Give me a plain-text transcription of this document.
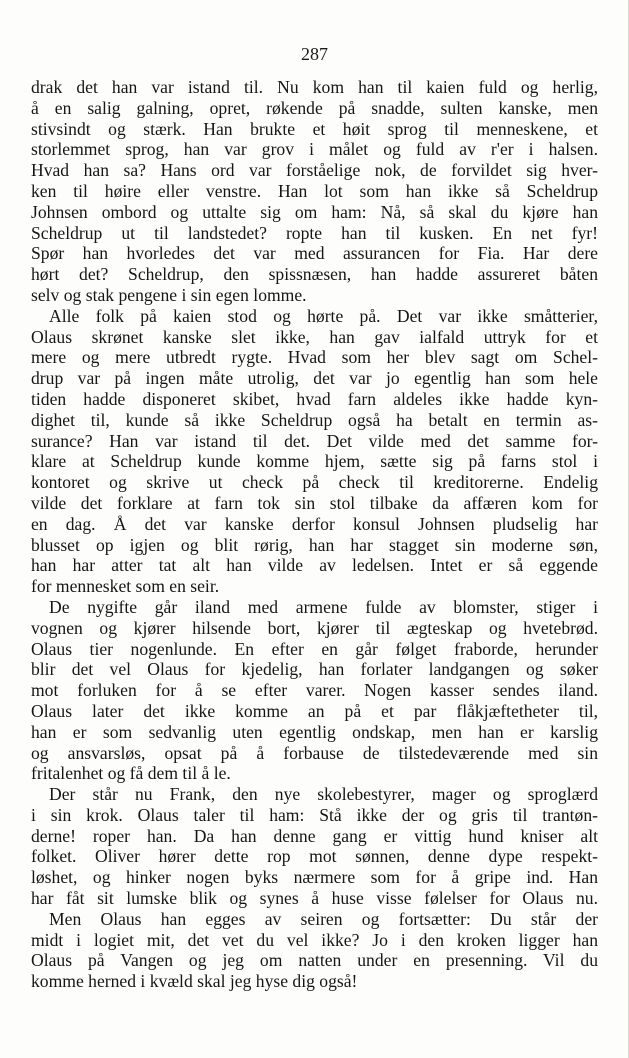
287
drak det han var istand til. Nu kom han til kaien fuld og herlig,
å en salig galning, opret, røkende på snadde, sulten kanske, men
stivsindt og stærk. Han brukte et høit sprog til menneskene, et
storlemmet sprog, han var grov i målet og fuld av r'er i halsen.
Hvad han sa? Hans ord var forståelige nok, de forvildet sig hver-
ken til høire eller venstre. Han lot som han ikke så Scheldrup
Johnsen ombord og uttalte sig om ham: Nå, så skal du kjøre han
Scheldrup ut til landstedet? ropte han til kusken. En net fyr!
Spør han hvorledes det var med assurancen for Fia. Har dere
hørt det? Scheldrup, den spissnæsen, han hadde assureret båten
selv og stak pengene i sin egen lomme.
Alle folk på kaien stod og hørte på. Det var ikke småtterier,
Olaus skrønet kanske slet ikke, han gav ialfald uttryk for et
mere og mere utbredt rygte. Hvad som her blev sagt om Schel-
drup var på ingen måte utrolig, det var jo egentlig han som hele
tiden hadde disponeret skibet, hvad farn aldeles ikke hadde kyn-
dighet til, kunde så ikke Scheldrup også ha betalt en termin as-
surance? Han var istand til det. Det vilde med det samme for-
klare at Scheldrup kunde komme hjem, sætte sig på farns stol i
kontoret og skrive ut check på check til kreditorerne. Endelig
vilde det forklare at farn tok sin stol tilbake da affæren kom for
en dag. Å det var kanske derfor konsul Johnsen pludselig har
blusset op igjen og blit rørig, han har stagget sin moderne søn,
han har atter tat alt han vilde av ledelsen. Intet er så eggende
for mennesket som en seir.
De nygifte går iland med armene fulde av blomster, stiger i
vognen og kjører hilsende bort, kjører til ægteskap og hvetebrød.
Olaus tier nogenlunde. En efter en går følget fraborde, herunder
blir det vel Olaus for kjedelig, han forlater landgangen og søker
mot forluken for å se efter varer. Nogen kasser sendes iland.
Olaus later det ikke komme an på et par flåkjæftetheter til,
han er som sedvanlig uten egentlig ondskap, men han er karslig
og ansvarsløs, opsat på å forbause de tilstedeværende med sin
fritalenhet og få dem til å le.
Der står nu Frank, den nye skolebestyrer, mager og sproglærd
i sin krok. Olaus taler til ham: Stå ikke der og gris til trantøn-
derne! roper han. Da han denne gang er vittig hund kniser alt
folket. Oliver hører dette rop mot sønnen, denne dype respekt-
løshet, og hinker nogen byks nærmere som for å gripe ind. Han
har fåt sit lumske blik og synes å huse visse følelser for Olaus nu.
Men Olaus han egges av seiren og fortsætter: Du står der
midt i logiet mit, det vet du vel ikke? Jo i den kroken ligger han
Olaus på Vangen og jeg om natten under en presenning. Vil du
komme herned i kvæld skal jeg hyse dig også!
